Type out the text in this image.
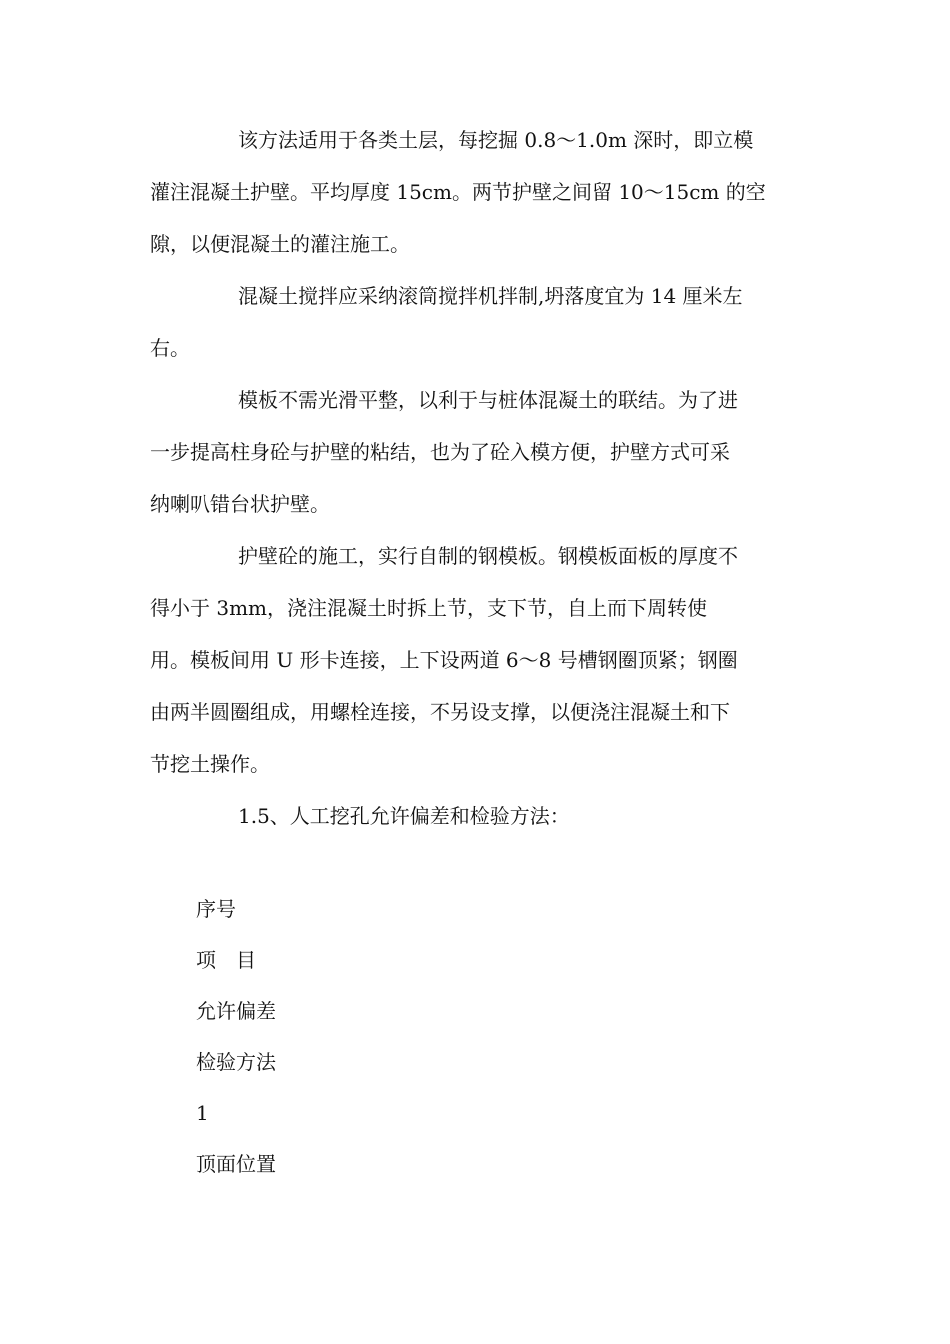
该方法适用于各类土层，每挖掘 0.8～1.0m 深时，即立模
灌注混凝土护壁。平均厚度 15cm。两节护壁之间留 10～15cm 的空
隙，以便混凝土的灌注施工。
混凝土搅拌应采纳滚筒搅拌机拌制,坍落度宜为 14 厘米左
右。
模板不需光滑平整，以利于与桩体混凝土的联结。为了进
一步提高柱身砼与护壁的粘结，也为了砼入模方便，护壁方式可采
纳喇叭错台状护壁。
护壁砼的施工，实行自制的钢模板。钢模板面板的厚度不
得小于 3mm，浇注混凝土时拆上节，支下节，自上而下周转使
用。模板间用 U 形卡连接，上下设两道 6～8 号槽钢圈顶紧；钢圈
由两半圆圈组成，用螺栓连接，不另设支撑，以便浇注混凝土和下
节挖土操作。

1.5、人工挖孔允许偏差和检验方法：

序号

项　目

允许偏差

检验方法

1

顶面位置
